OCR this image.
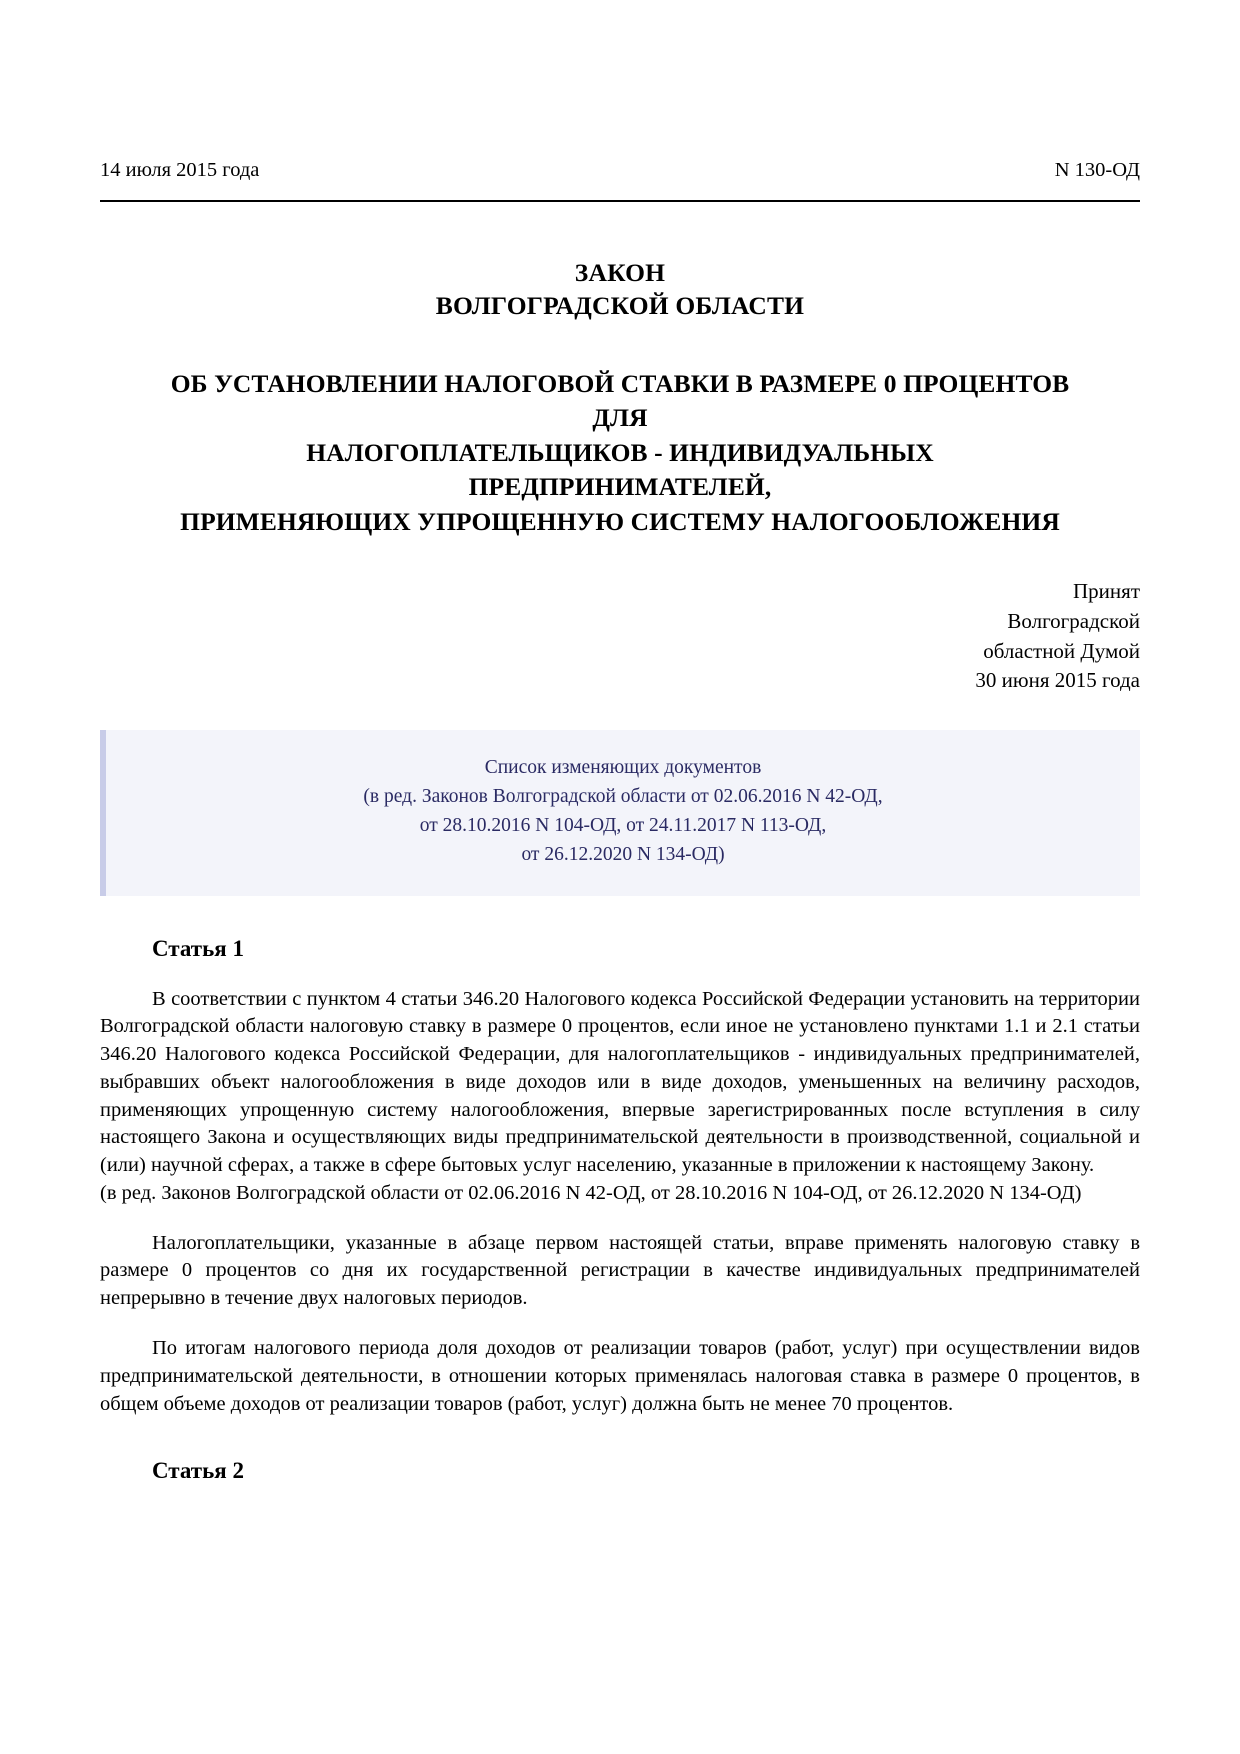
14 июля 2015 года	N 130-ОД
ЗАКОН
ВОЛГОГРАДСКОЙ ОБЛАСТИ
ОБ УСТАНОВЛЕНИИ НАЛОГОВОЙ СТАВКИ В РАЗМЕРЕ 0 ПРОЦЕНТОВ
ДЛЯ
НАЛОГОПЛАТЕЛЬЩИКОВ - ИНДИВИДУАЛЬНЫХ
ПРЕДПРИНИМАТЕЛЕЙ,
ПРИМЕНЯЮЩИХ УПРОЩЕННУЮ СИСТЕМУ НАЛОГООБЛОЖЕНИЯ
Принят
Волгоградской
областной Думой
30 июня 2015 года
Список изменяющих документов
(в ред. Законов Волгоградской области от 02.06.2016 N 42-ОД,
от 28.10.2016 N 104-ОД, от 24.11.2017 N 113-ОД,
от 26.12.2020 N 134-ОД)
Статья 1

В соответствии с пунктом 4 статьи 346.20 Налогового кодекса Российской Федерации установить на территории Волгоградской области налоговую ставку в размере 0 процентов, если иное не установлено пунктами 1.1 и 2.1 статьи 346.20 Налогового кодекса Российской Федерации, для налогоплательщиков - индивидуальных предпринимателей, выбравших объект налогообложения в виде доходов или в виде доходов, уменьшенных на величину расходов, применяющих упрощенную систему налогообложения, впервые зарегистрированных после вступления в силу настоящего Закона и осуществляющих виды предпринимательской деятельности в производственной, социальной и (или) научной сферах, а также в сфере бытовых услуг населению, указанные в приложении к настоящему Закону.

(в ред. Законов Волгоградской области от 02.06.2016 N 42-ОД, от 28.10.2016 N 104-ОД, от 26.12.2020 N 134-ОД)

Налогоплательщики, указанные в абзаце первом настоящей статьи, вправе применять налоговую ставку в размере 0 процентов со дня их государственной регистрации в качестве индивидуальных предпринимателей непрерывно в течение двух налоговых периодов.

По итогам налогового периода доля доходов от реализации товаров (работ, услуг) при осуществлении видов предпринимательской деятельности, в отношении которых применялась налоговая ставка в размере 0 процентов, в общем объеме доходов от реализации товаров (работ, услуг) должна быть не менее 70 процентов.

Статья 2
